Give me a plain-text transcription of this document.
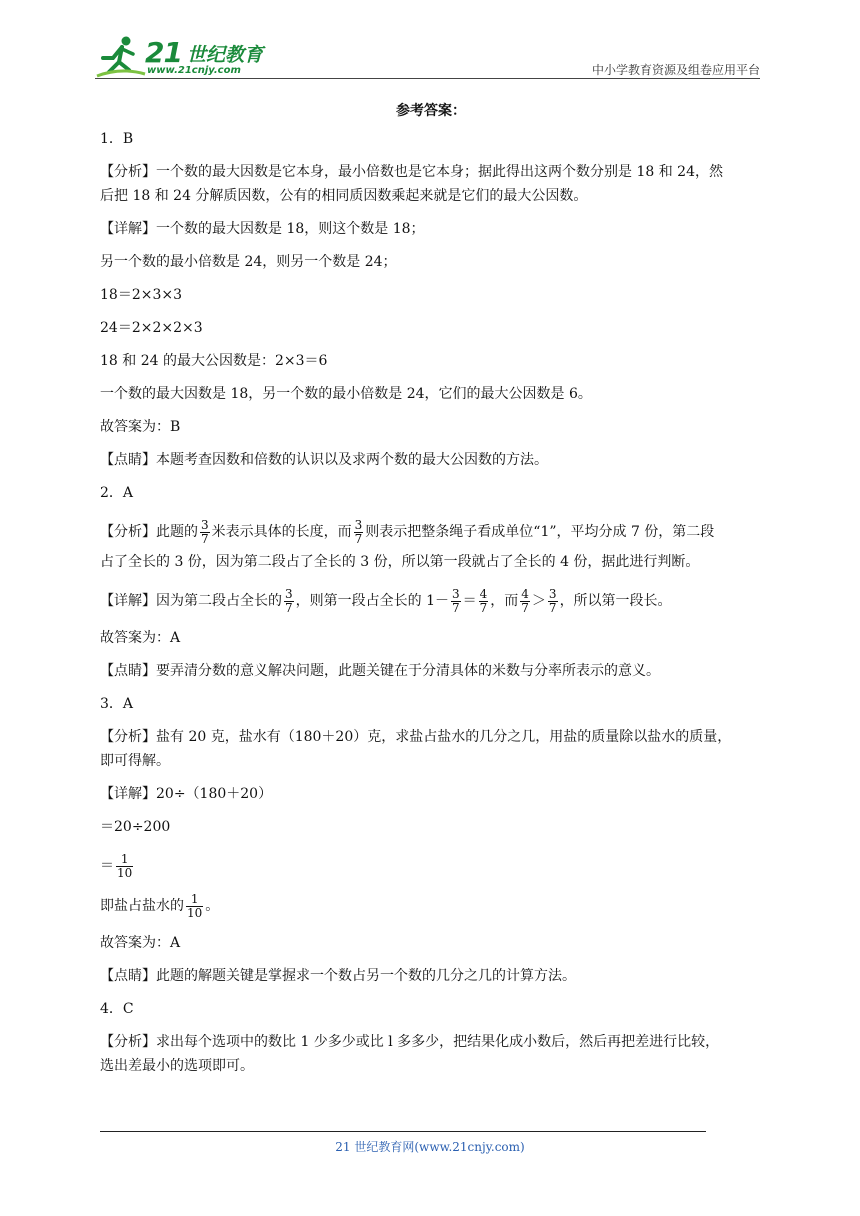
21 世纪教育
www.21cnjy.com	中小学教育资源及组卷应用平台
参考答案：
1．B
【分析】一个数的最大因数是它本身，最小倍数也是它本身；据此得出这两个数分别是 18 和 24，然
后把 18 和 24 分解质因数，公有的相同质因数乘起来就是它们的最大公因数。
【详解】一个数的最大因数是 18，则这个数是 18；
另一个数的最小倍数是 24，则另一个数是 24；
18＝2×3×3
24＝2×2×2×3
18 和 24 的最大公因数是：2×3＝6
一个数的最大因数是 18，另一个数的最小倍数是 24，它们的最大公因数是 6。
故答案为：B
【点睛】本题考查因数和倍数的认识以及求两个数的最大公因数的方法。
2．A
【分析】此题的 $\frac{3}{7}$ 米表示具体的长度，而 $\frac{3}{7}$ 则表示把整条绳子看成单位“1”，平均分成 7 份，第二段
占了全长的 3 份，因为第二段占了全长的 3 份，所以第一段就占了全长的 4 份，据此进行判断。
【详解】因为第二段占全长的 $\frac{3}{7}$ ，则第一段占全长的 $1- \frac{3}{7} = \frac{4}{7}$ ，而 $\frac{4}{7} > \frac{3}{7}$ ，所以第一段长。
故答案为：A
【点睛】要弄清分数的意义解决问题，此题关键在于分清具体的米数与分率所表示的意义。
3．A
【分析】盐有 20 克，盐水有（180＋20）克，求盐占盐水的几分之几，用盐的质量除以盐水的质量，
即可得解。
【详解】20÷（180＋20）
＝20÷200
＝ $\frac{1}{10}$
即盐占盐水的 $\frac{1}{10}$ 。
故答案为：A
【点睛】此题的解题关键是掌握求一个数占另一个数的几分之几的计算方法。
4．C
【分析】求出每个选项中的数比 1 少多少或比 l 多多少，把结果化成小数后，然后再把差进行比较，
选出差最小的选项即可。
21 世纪教育网(www.21cnjy.com)
